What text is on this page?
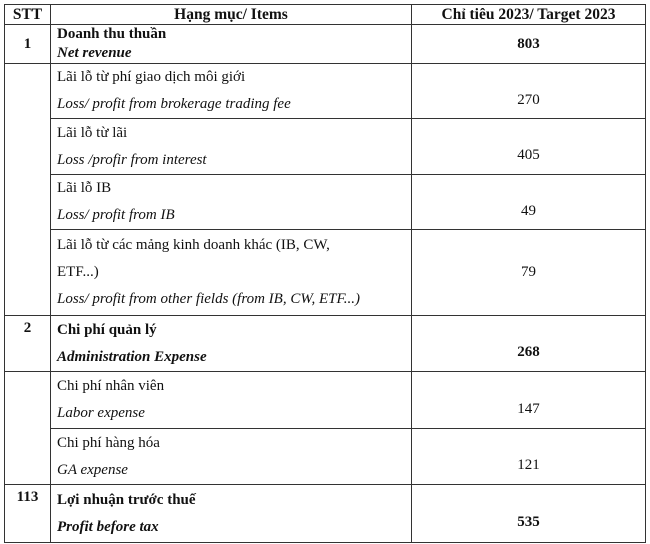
STT	Hạng mục/ Items	Chỉ tiêu 2023/ Target 2023
1	Doanh thu thuần
Net revenue	803

	Lãi lỗ từ phí giao dịch môi giới
Loss/ profit from brokerage trading fee	270

	Lãi lỗ từ lãi
Loss /profir from interest	405

	Lãi lỗ IB
Loss/ profit from IB	49

	Lãi lỗ từ các mảng kinh doanh khác (IB, CW,
ETF...)
Loss/ profit from other fields (from IB, CW, ETF...)	79
2	Chi phí quản lý
Administration Expense	268

	Chi phí nhân viên
Labor expense	147

	Chi phí hàng hóa
GA expense	121
113	Lợi nhuận trước thuế
Profit before tax	535
